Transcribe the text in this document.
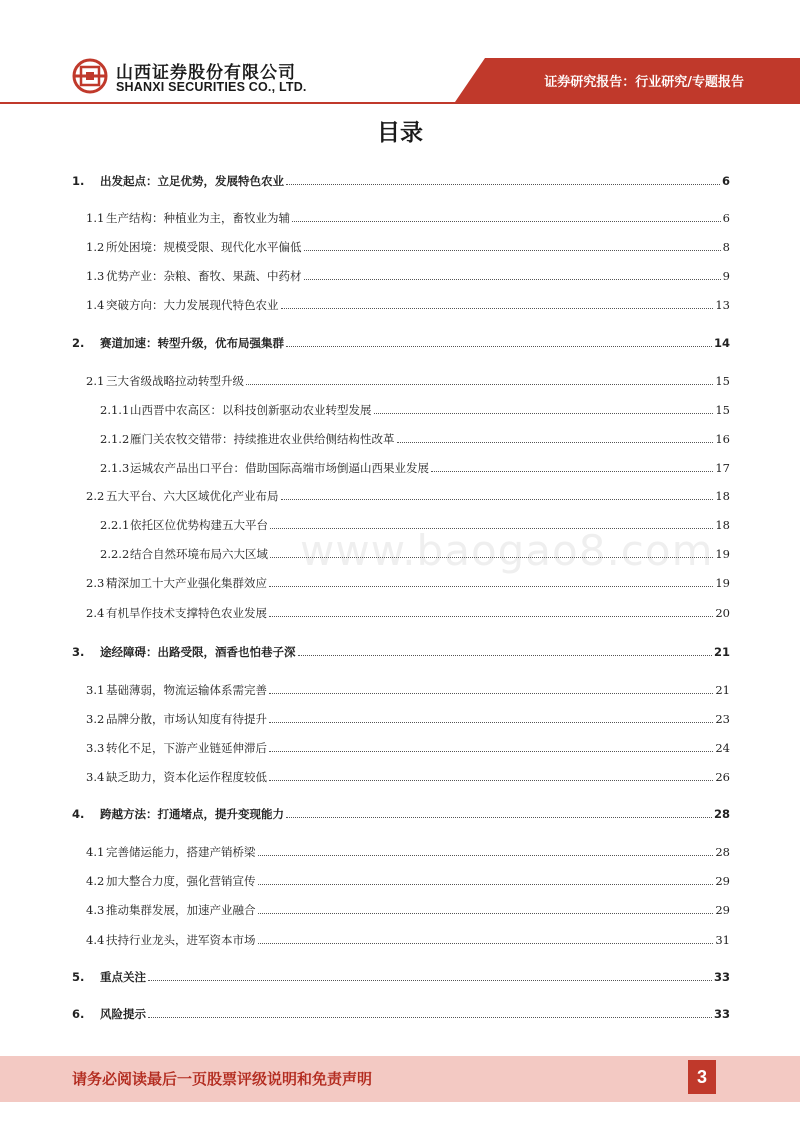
山西证券股份有限公司
SHANXI SECURITIES CO., LTD.	证券研究报告：行业研究/专题报告
目录
www.baogao8.com
1.	出发起点：立足优势，发展特色农业	6
1.1 生产结构：种植业为主，畜牧业为辅	6
1.2 所处困境：规模受限、现代化水平偏低	8
1.3 优势产业：杂粮、畜牧、果蔬、中药材	9
1.4 突破方向：大力发展现代特色农业	13
2.	赛道加速：转型升级，优布局强集群	14
2.1 三大省级战略拉动转型升级	15
2.1.1 山西晋中农高区：以科技创新驱动农业转型发展	15
2.1.2 雁门关农牧交错带：持续推进农业供给侧结构性改革	16
2.1.3 运城农产品出口平台：借助国际高端市场倒逼山西果业发展	17
2.2 五大平台、六大区域优化产业布局	18
2.2.1 依托区位优势构建五大平台	18
2.2.2 结合自然环境布局六大区域	19
2.3 精深加工十大产业强化集群效应	19
2.4 有机旱作技术支撑特色农业发展	20
3.	途经障碍：出路受限，酒香也怕巷子深	21
3.1 基础薄弱，物流运输体系需完善	21
3.2 品牌分散，市场认知度有待提升	23
3.3 转化不足，下游产业链延伸滞后	24
3.4 缺乏助力，资本化运作程度较低	26
4.	跨越方法：打通堵点，提升变现能力	28
4.1 完善储运能力，搭建产销桥梁	28
4.2 加大整合力度，强化营销宣传	29
4.3 推动集群发展，加速产业融合	29
4.4 扶持行业龙头，进军资本市场	31
5.	重点关注	33
6.	风险提示	33
请务必阅读最后一页股票评级说明和免责声明	3
